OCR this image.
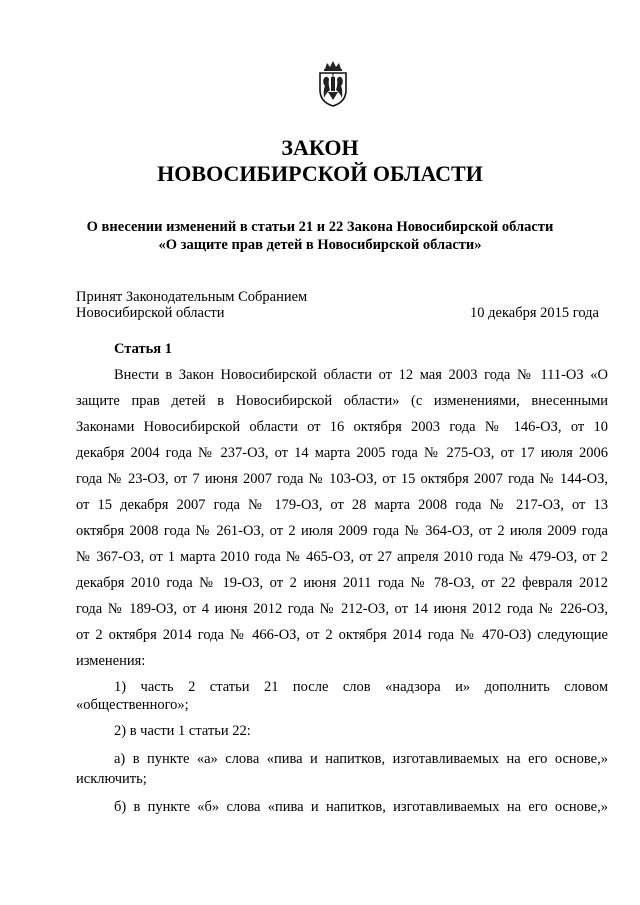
ЗАКОН
НОВОСИБИРСКОЙ ОБЛАСТИ
О внесении изменений в статьи 21 и 22 Закона Новосибирской области
«О защите прав детей в Новосибирской области»
Принят Законодательным Собранием
Новосибирской области	10 декабря 2015 года
Статья 1
Внести в Закон Новосибирской области от 12 мая 2003 года № 111-ОЗ «О
защите прав детей в Новосибирской области» (с изменениями, внесенными
Законами Новосибирской области от 16 октября 2003 года № 146-ОЗ, от 10
декабря 2004 года № 237-ОЗ, от 14 марта 2005 года № 275-ОЗ, от 17 июля 2006
года № 23-ОЗ, от 7 июня 2007 года № 103-ОЗ, от 15 октября 2007 года № 144-ОЗ,
от 15 декабря 2007 года № 179-ОЗ, от 28 марта 2008 года № 217-ОЗ, от 13
октября 2008 года № 261-ОЗ, от 2 июля 2009 года № 364-ОЗ, от 2 июля 2009 года
№ 367-ОЗ, от 1 марта 2010 года № 465-ОЗ, от 27 апреля 2010 года № 479-ОЗ, от 2
декабря 2010 года № 19-ОЗ, от 2 июня 2011 года № 78-ОЗ, от 22 февраля 2012
года № 189-ОЗ, от 4 июня 2012 года № 212-ОЗ, от 14 июня 2012 года № 226-ОЗ,
от 2 октября 2014 года № 466-ОЗ, от 2 октября 2014 года № 470-ОЗ) следующие
изменения:
1) часть 2 статьи 21 после слов «надзора и» дополнить словом
«общественного»;
2) в части 1 статьи 22:
а) в пункте «а» слова «пива и напитков, изготавливаемых на его основе,»
исключить;
б) в пункте «б» слова «пива и напитков, изготавливаемых на его основе,»
